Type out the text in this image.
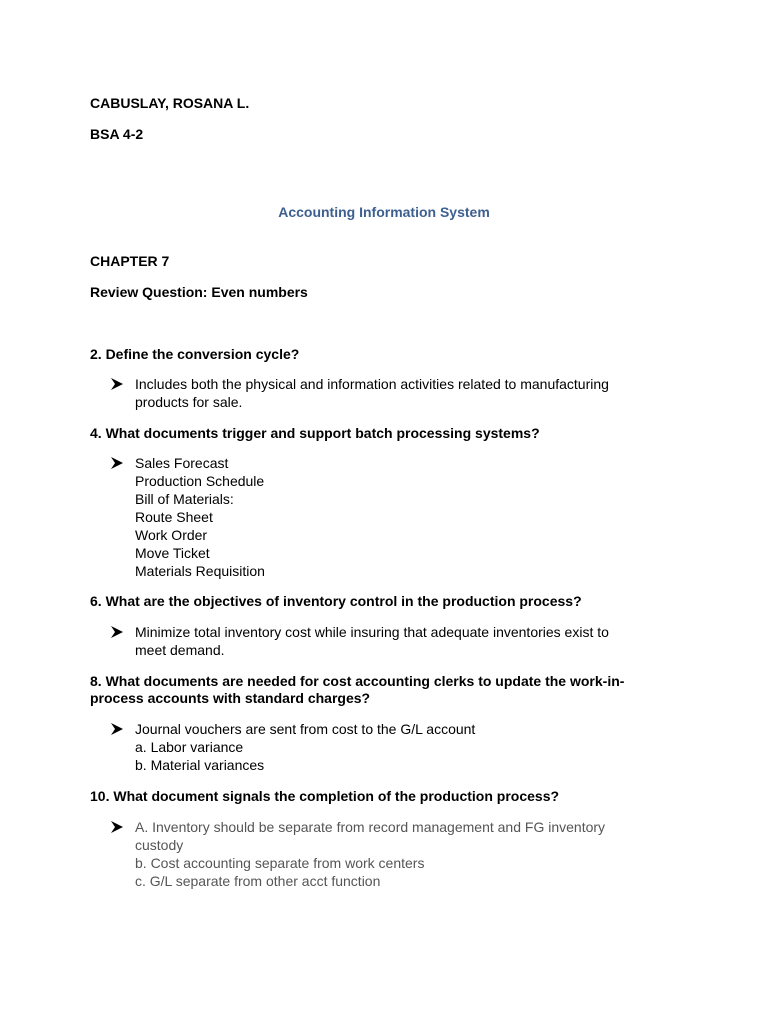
CABUSLAY, ROSANA L.
BSA 4-2
Accounting Information System
CHAPTER 7
Review Question: Even numbers
2. Define the conversion cycle?
Includes both the physical and information activities related to manufacturing
products for sale.
4. What documents trigger and support batch processing systems?
Sales Forecast
Production Schedule
Bill of Materials:
Route Sheet
Work Order
Move Ticket
Materials Requisition
6. What are the objectives of inventory control in the production process?
Minimize total inventory cost while insuring that adequate inventories exist to
meet demand.
8. What documents are needed for cost accounting clerks to update the work-in-
process accounts with standard charges?
Journal vouchers are sent from cost to the G/L account
a. Labor variance
b. Material variances
10. What document signals the completion of the production process?
A. Inventory should be separate from record management and FG inventory
custody
b. Cost accounting separate from work centers
c. G/L separate from other acct function
